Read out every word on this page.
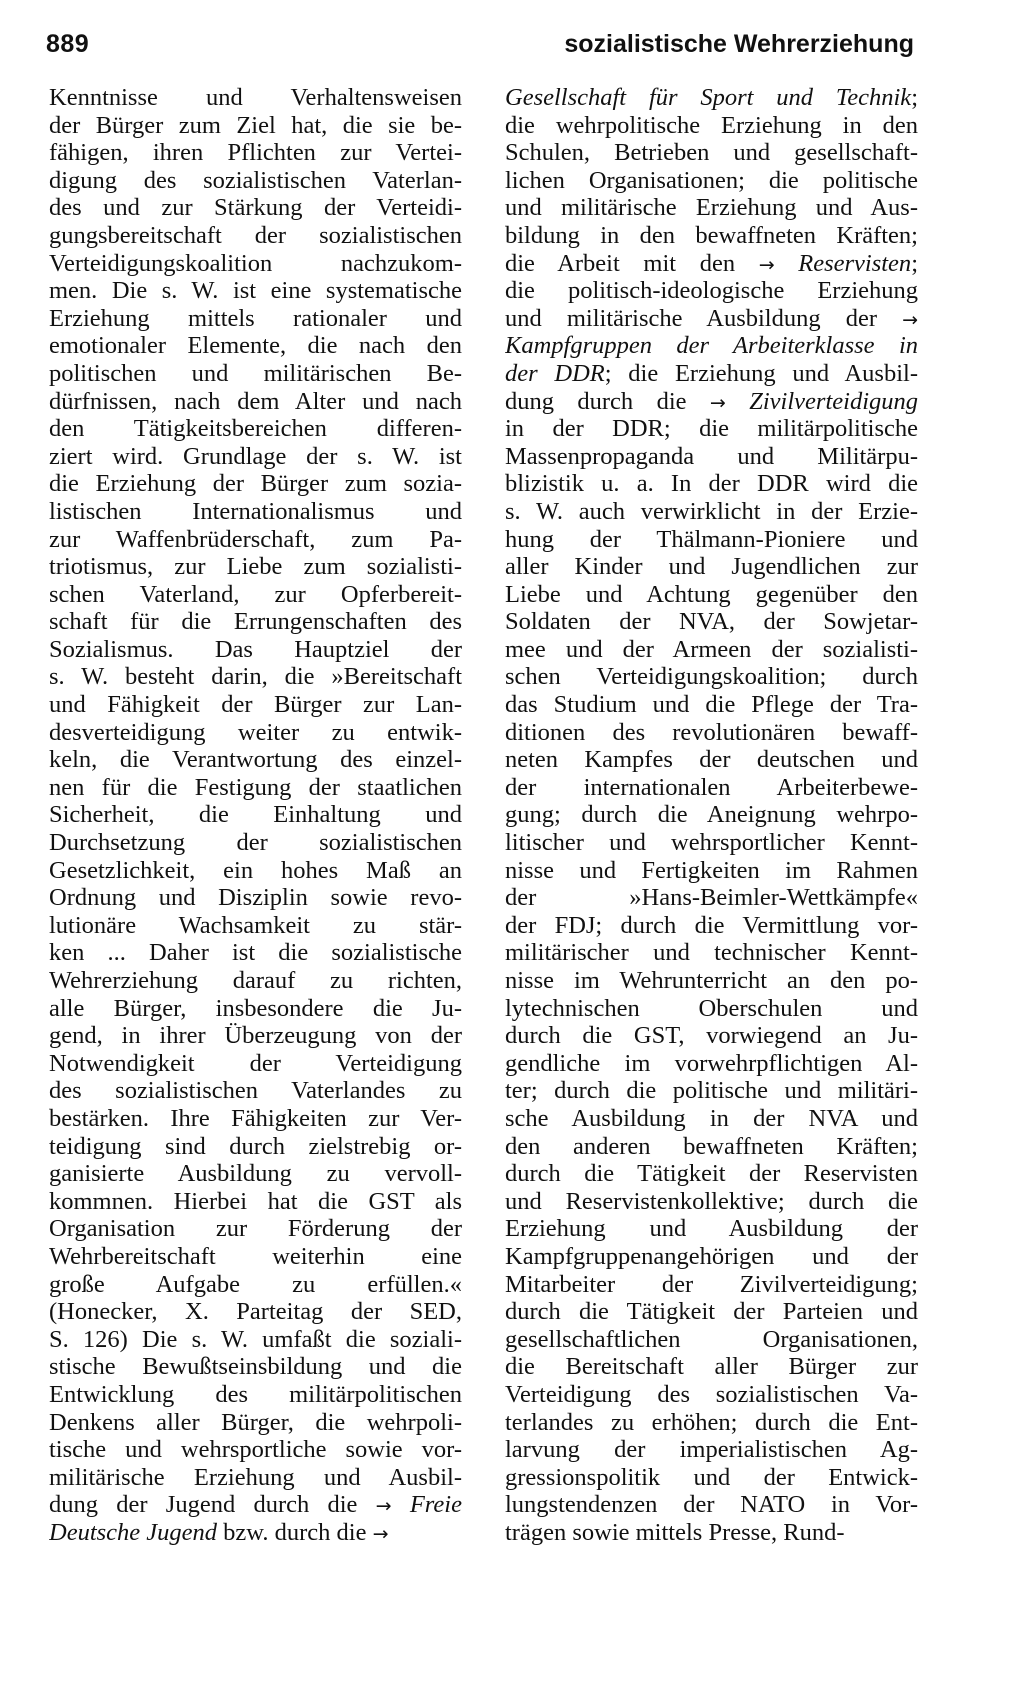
889	sozialistische Wehrerziehung
Kenntnisse und Verhaltensweisen
der Bürger zum Ziel hat, die sie be-
fähigen, ihren Pflichten zur Vertei-
digung des sozialistischen Vaterlan-
des und zur Stärkung der Verteidi-
gungsbereitschaft der sozialistischen
Verteidigungskoalition nachzukom-
men. Die s. W. ist eine systematische
Erziehung mittels rationaler und
emotionaler Elemente, die nach den
politischen und militärischen Be-
dürfnissen, nach dem Alter und nach
den Tätigkeitsbereichen differen-
ziert wird. Grundlage der s. W. ist
die Erziehung der Bürger zum sozia-
listischen Internationalismus und
zur Waffenbrüderschaft, zum Pa-
triotismus, zur Liebe zum sozialisti-
schen Vaterland, zur Opferbereit-
schaft für die Errungenschaften des
Sozialismus. Das Hauptziel der
s. W. besteht darin, die »Bereitschaft
und Fähigkeit der Bürger zur Lan-
desverteidigung weiter zu entwik-
keln, die Verantwortung des einzel-
nen für die Festigung der staatlichen
Sicherheit, die Einhaltung und
Durchsetzung der sozialistischen
Gesetzlichkeit, ein hohes Maß an
Ordnung und Disziplin sowie revo-
lutionäre Wachsamkeit zu stär-
ken ... Daher ist die sozialistische
Wehrerziehung darauf zu richten,
alle Bürger, insbesondere die Ju-
gend, in ihrer Überzeugung von der
Notwendigkeit der Verteidigung
des sozialistischen Vaterlandes zu
bestärken. Ihre Fähigkeiten zur Ver-
teidigung sind durch zielstrebig or-
ganisierte Ausbildung zu vervoll-
kommnen. Hierbei hat die GST als
Organisation zur Förderung der
Wehrbereitschaft weiterhin eine
große Aufgabe zu erfüllen.«
(Honecker, X. Parteitag der SED,
S. 126) Die s. W. umfaßt die soziali-
stische Bewußtseinsbildung und die
Entwicklung des militärpolitischen
Denkens aller Bürger, die wehrpoli-
tische und wehrsportliche sowie vor-
militärische Erziehung und Ausbil-
dung der Jugend durch die → Freie
Deutsche Jugend bzw. durch die →
Gesellschaft für Sport und Technik;
die wehrpolitische Erziehung in den
Schulen, Betrieben und gesellschaft-
lichen Organisationen; die politische
und militärische Erziehung und Aus-
bildung in den bewaffneten Kräften;
die Arbeit mit den → Reservisten;
die politisch-ideologische Erziehung
und militärische Ausbildung der →
Kampfgruppen der Arbeiterklasse in
der DDR; die Erziehung und Ausbil-
dung durch die → Zivilverteidigung
in der DDR; die militärpolitische
Massenpropaganda und Militärpu-
blizistik u. a. In der DDR wird die
s. W. auch verwirklicht in der Erzie-
hung der Thälmann-Pioniere und
aller Kinder und Jugendlichen zur
Liebe und Achtung gegenüber den
Soldaten der NVA, der Sowjetar-
mee und der Armeen der sozialisti-
schen Verteidigungskoalition; durch
das Studium und die Pflege der Tra-
ditionen des revolutionären bewaff-
neten Kampfes der deutschen und
der internationalen Arbeiterbewe-
gung; durch die Aneignung wehrpo-
litischer und wehrsportlicher Kennt-
nisse und Fertigkeiten im Rahmen
der »Hans-Beimler-Wettkämpfe«
der FDJ; durch die Vermittlung vor-
militärischer und technischer Kennt-
nisse im Wehrunterricht an den po-
lytechnischen Oberschulen und
durch die GST, vorwiegend an Ju-
gendliche im vorwehrpflichtigen Al-
ter; durch die politische und militäri-
sche Ausbildung in der NVA und
den anderen bewaffneten Kräften;
durch die Tätigkeit der Reservisten
und Reservistenkollektive; durch die
Erziehung und Ausbildung der
Kampfgruppenangehörigen und der
Mitarbeiter der Zivilverteidigung;
durch die Tätigkeit der Parteien und
gesellschaftlichen Organisationen,
die Bereitschaft aller Bürger zur
Verteidigung des sozialistischen Va-
terlandes zu erhöhen; durch die Ent-
larvung der imperialistischen Ag-
gressionspolitik und der Entwick-
lungstendenzen der NATO in Vor-
trägen sowie mittels Presse, Rund-
